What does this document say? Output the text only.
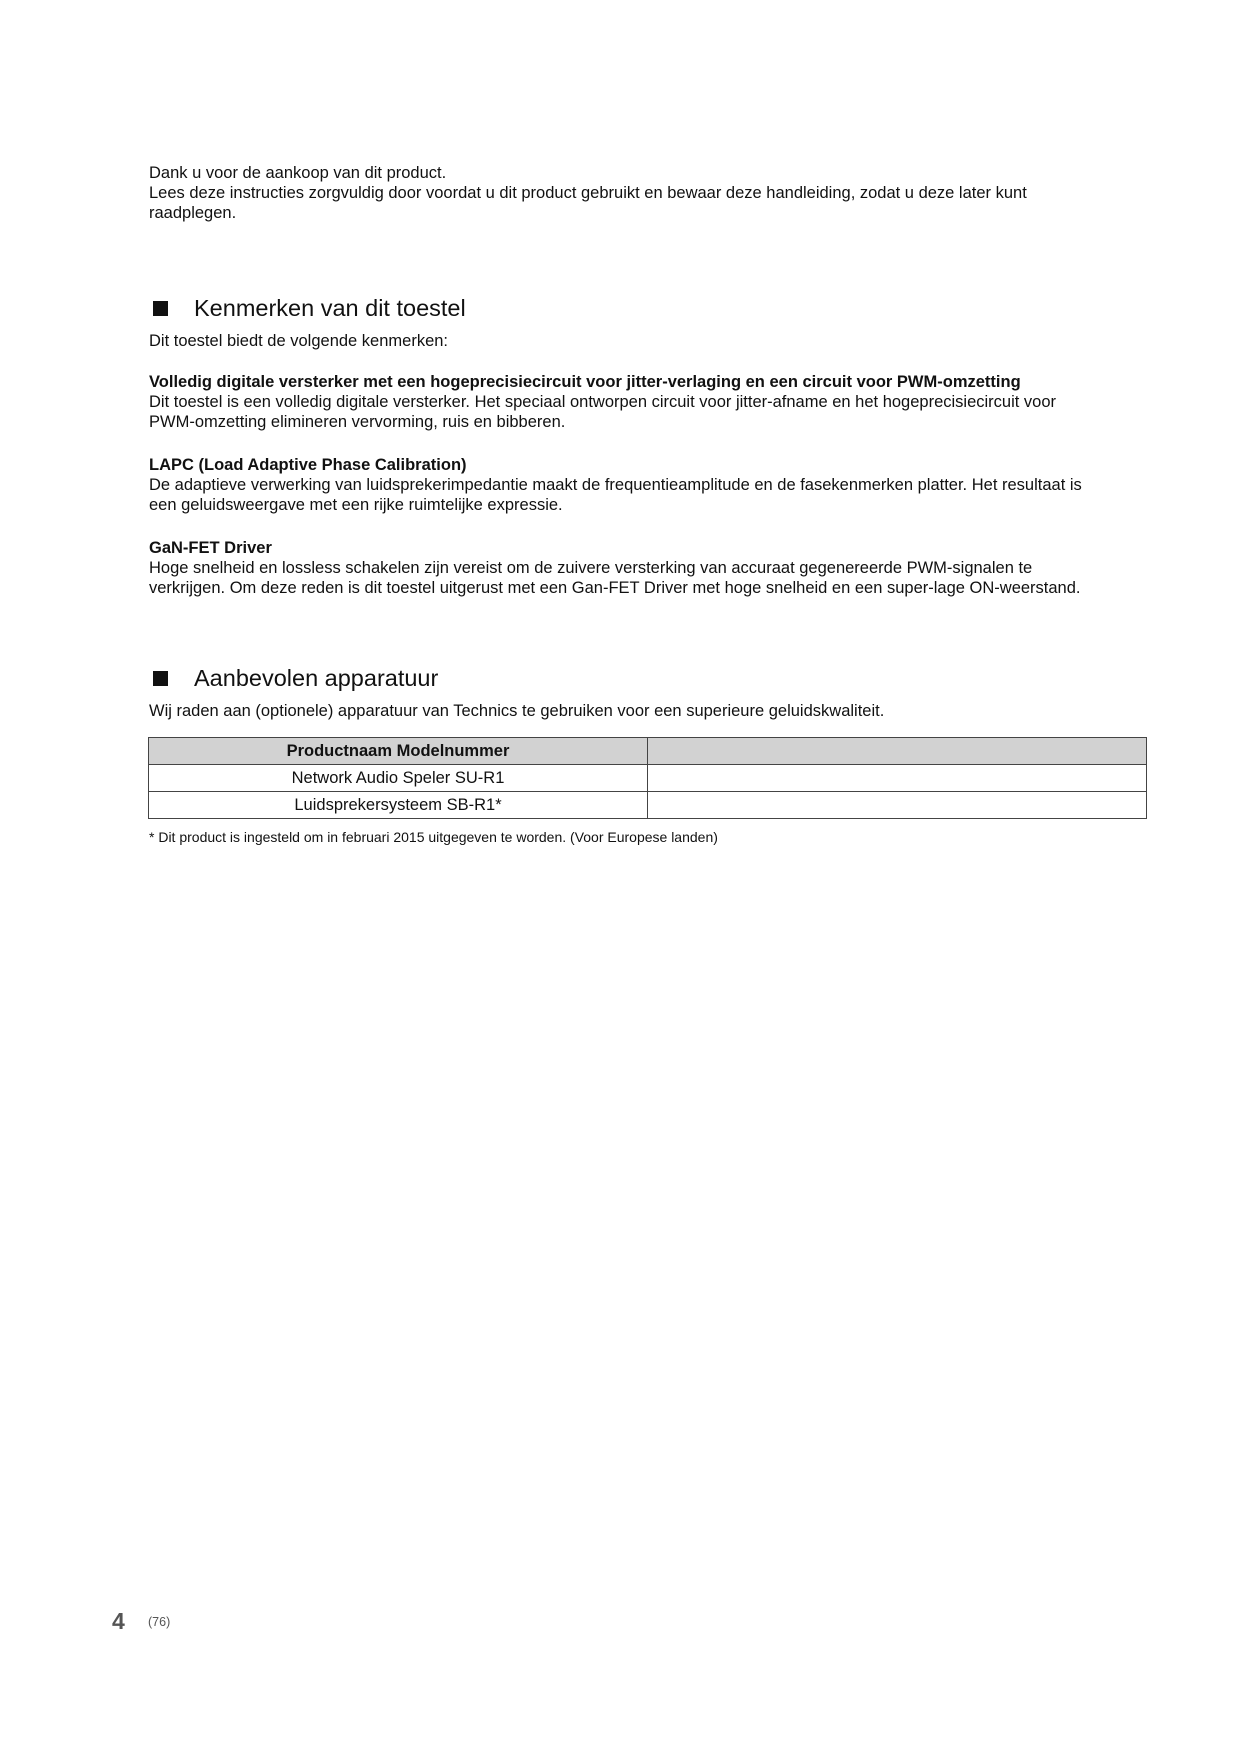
Dank u voor de aankoop van dit product.
Lees deze instructies zorgvuldig door voordat u dit product gebruikt en bewaar deze handleiding, zodat u deze later kunt
raadplegen.
Kenmerken van dit toestel

Dit toestel biedt de volgende kenmerken:

Volledig digitale versterker met een hogeprecisiecircuit voor jitter-verlaging en een circuit voor PWM-omzetting
Dit toestel is een volledig digitale versterker. Het speciaal ontworpen circuit voor jitter-afname en het hogeprecisiecircuit voor
PWM-omzetting elimineren vervorming, ruis en bibberen.
LAPC (Load Adaptive Phase Calibration)
De adaptieve verwerking van luidsprekerimpedantie maakt de frequentieamplitude en de fasekenmerken platter. Het resultaat is
een geluidsweergave met een rijke ruimtelijke expressie.
GaN-FET Driver
Hoge snelheid en lossless schakelen zijn vereist om de zuivere versterking van accuraat gegenereerde PWM-signalen te
verkrijgen. Om deze reden is dit toestel uitgerust met een Gan-FET Driver met hoge snelheid en een super-lage ON-weerstand.
Aanbevolen apparatuur

Wij raden aan (optionele) apparatuur van Technics te gebruiken voor een superieure geluidskwaliteit.

Productnaam Modelnummer	
Network Audio Speler SU-R1	
Luidsprekersysteem SB-R1*	
* Dit product is ingesteld om in februari 2015 uitgegeven te worden. (Voor Europese landen)
4 (76)
